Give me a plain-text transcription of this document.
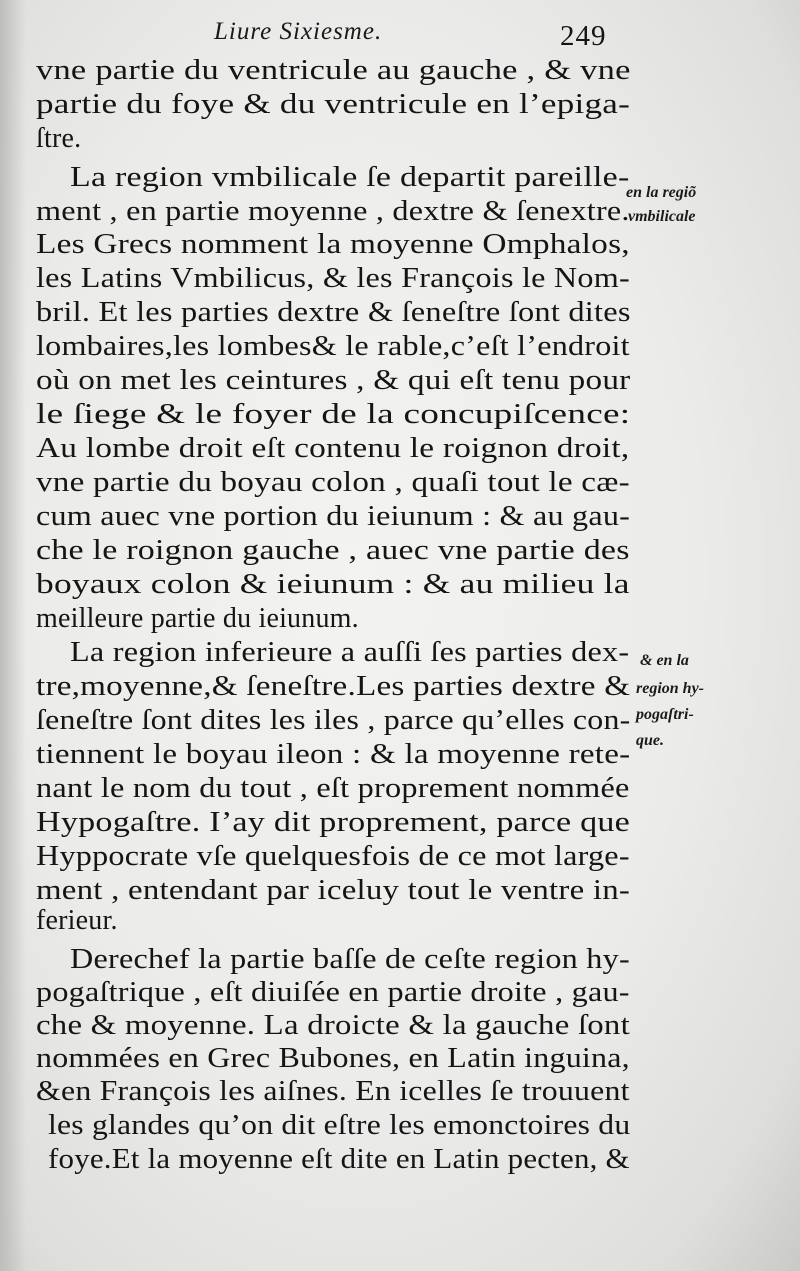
Liure Sixiesme.	249
vne partie du ventricule au gauche , & vne
partie du foye & du ventricule en l’epiga-
ſtre.
La region vmbilicale ſe departit pareille-
ment , en partie moyenne , dextre & ſenextre.
Les Grecs nomment la moyenne Omphalos,
les Latins Vmbilicus, & les François le Nom-
bril. Et les parties dextre & ſeneſtre ſont dites
lombaires,les lombes& le rable,c’eſt l’endroit
où on met les ceintures , & qui eſt tenu pour
le ſiege & le foyer de la concupiſcence:
Au lombe droit eſt contenu le roignon droit,
vne partie du boyau colon , quaſi tout le cæ-
cum auec vne portion du ieiunum : & au gau-
che le roignon gauche , auec vne partie des
boyaux colon & ieiunum : & au milieu la
meilleure partie du ieiunum.
La region inferieure a auſſi ſes parties dex-
tre,moyenne,& ſeneſtre.Les parties dextre &
ſeneſtre ſont dites les iles , parce qu’elles con-
tiennent le boyau ileon : & la moyenne rete-
nant le nom du tout , eſt proprement nommée
Hypogaſtre. I’ay dit proprement, parce que
Hyppocrate vſe quelquesfois de ce mot large-
ment , entendant par iceluy tout le ventre in-
ferieur.
Derechef la partie baſſe de ceſte region hy-
pogaſtrique , eſt diuiſée en partie droite , gau-
che & moyenne. La droicte & la gauche ſont
nommées en Grec Bubones, en Latin inguina,
&en François les aiſnes. En icelles ſe trouuent
les glandes qu’on dit eſtre les emonctoires du
foye.Et la moyenne eſt dite en Latin pecten, &
en la regiõ
vmbilicale
& en la
region hy-
pogaſtri-
que.
